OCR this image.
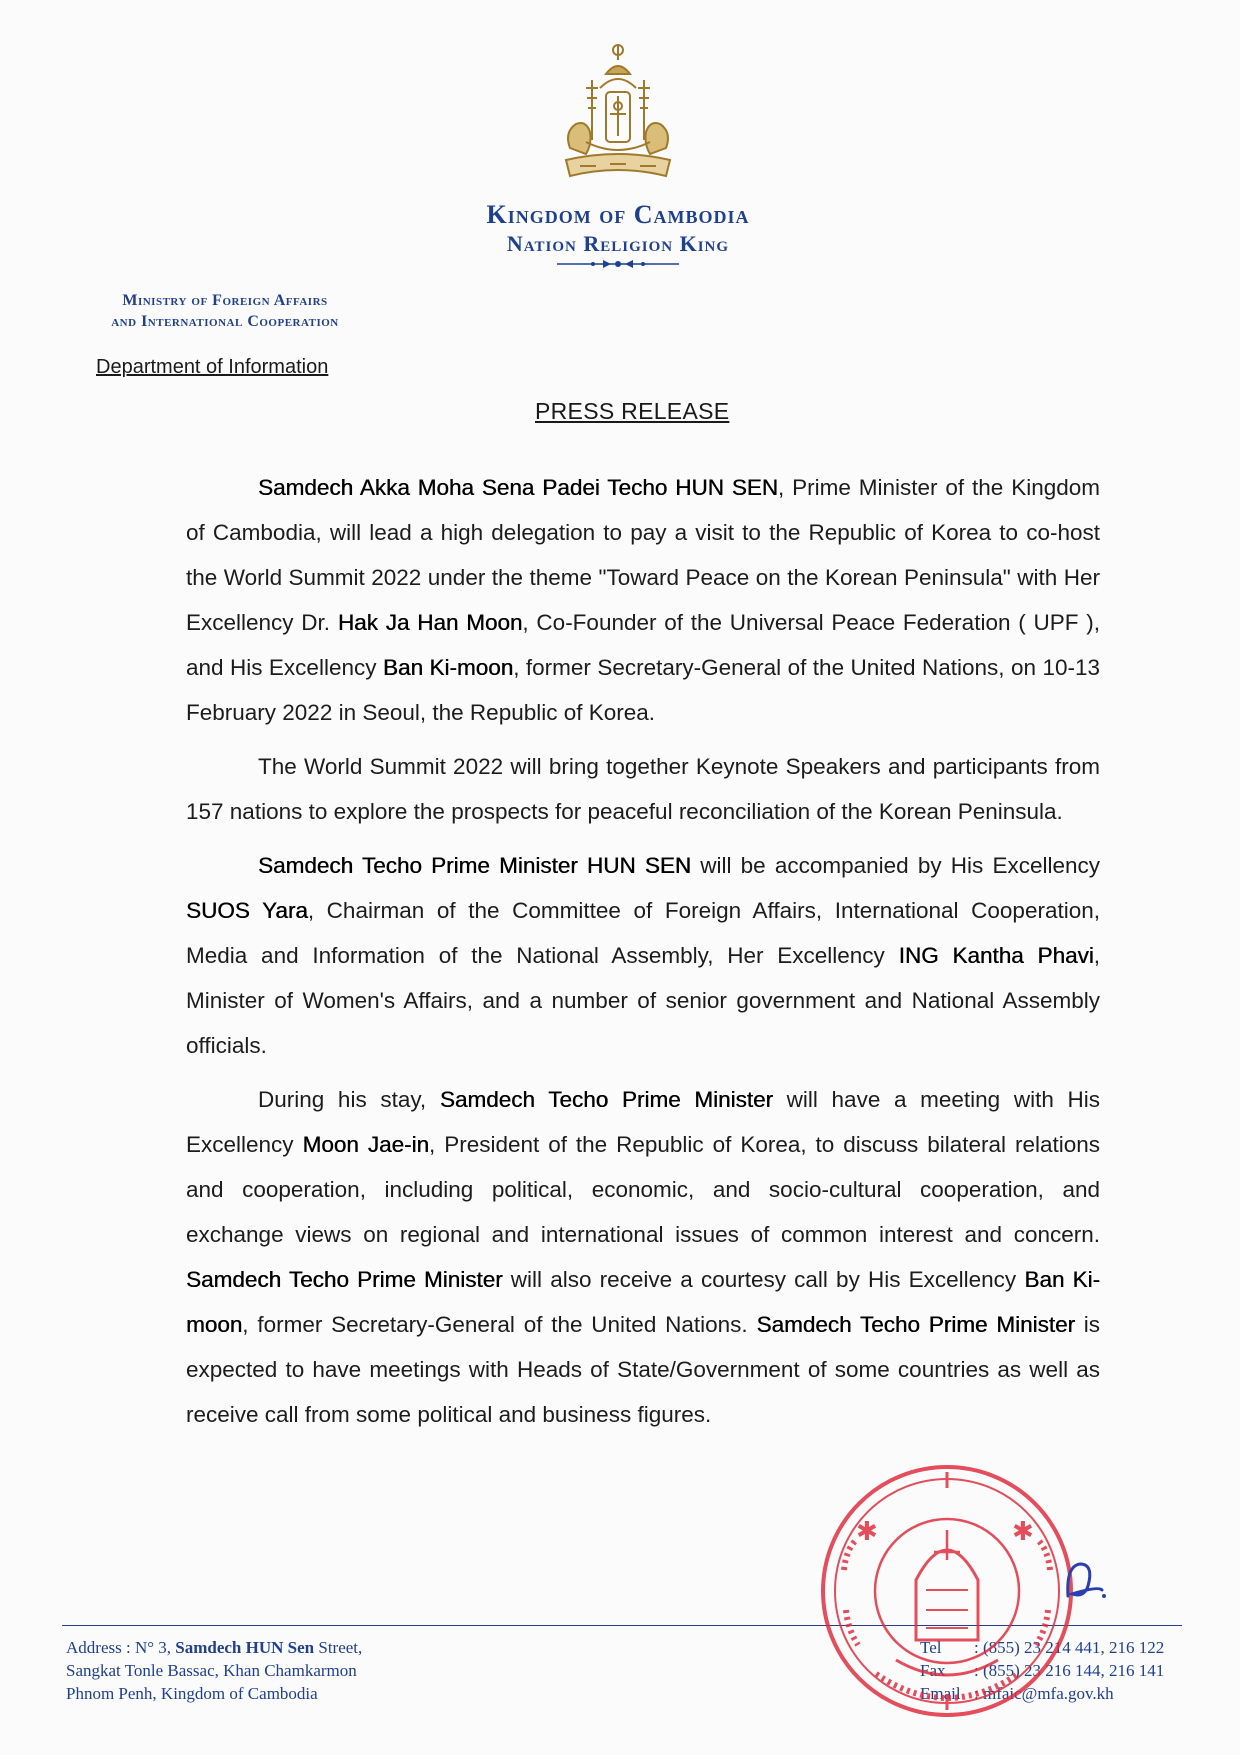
Kingdom of Cambodia
Nation Religion King
Ministry of Foreign Affairs
and International Cooperation
Department of Information
PRESS RELEASE

Samdech Akka Moha Sena Padei Techo HUN SEN, Prime Minister of the Kingdom of Cambodia, will lead a high delegation to pay a visit to the Republic of Korea to co-host the World Summit 2022 under the theme "Toward Peace on the Korean Peninsula" with Her Excellency Dr. Hak Ja Han Moon, Co-Founder of the Universal Peace Federation ( UPF ), and His Excellency Ban Ki-moon, former Secretary-General of the United Nations, on 10-13 February 2022 in Seoul, the Republic of Korea.

The World Summit 2022 will bring together Keynote Speakers and participants from 157 nations to explore the prospects for peaceful reconciliation of the Korean Peninsula.

Samdech Techo Prime Minister HUN SEN will be accompanied by His Excellency SUOS Yara, Chairman of the Committee of Foreign Affairs, International Cooperation, Media and Information of the National Assembly, Her Excellency ING Kantha Phavi, Minister of Women's Affairs, and a number of senior government and National Assembly officials.

During his stay, Samdech Techo Prime Minister will have a meeting with His Excellency Moon Jae-in, President of the Republic of Korea, to discuss bilateral relations and cooperation, including political, economic, and socio-cultural cooperation, and exchange views on regional and international issues of common interest and concern. Samdech Techo Prime Minister will also receive a courtesy call by His Excellency Ban Ki-moon, former Secretary-General of the United Nations. Samdech Techo Prime Minister is expected to have meetings with Heads of State/Government of some countries as well as receive call from some political and business figures.

Address : N° 3, Samdech HUN Sen Street,
Sangkat Tonle Bassac, Khan Chamkarmon
Phnom Penh, Kingdom of Cambodia
Tel	: (855) 23 214 441, 216 122
Fax	: (855) 23 216 144, 216 141
Email : mfaic@mfa.gov.kh
✱	✱
